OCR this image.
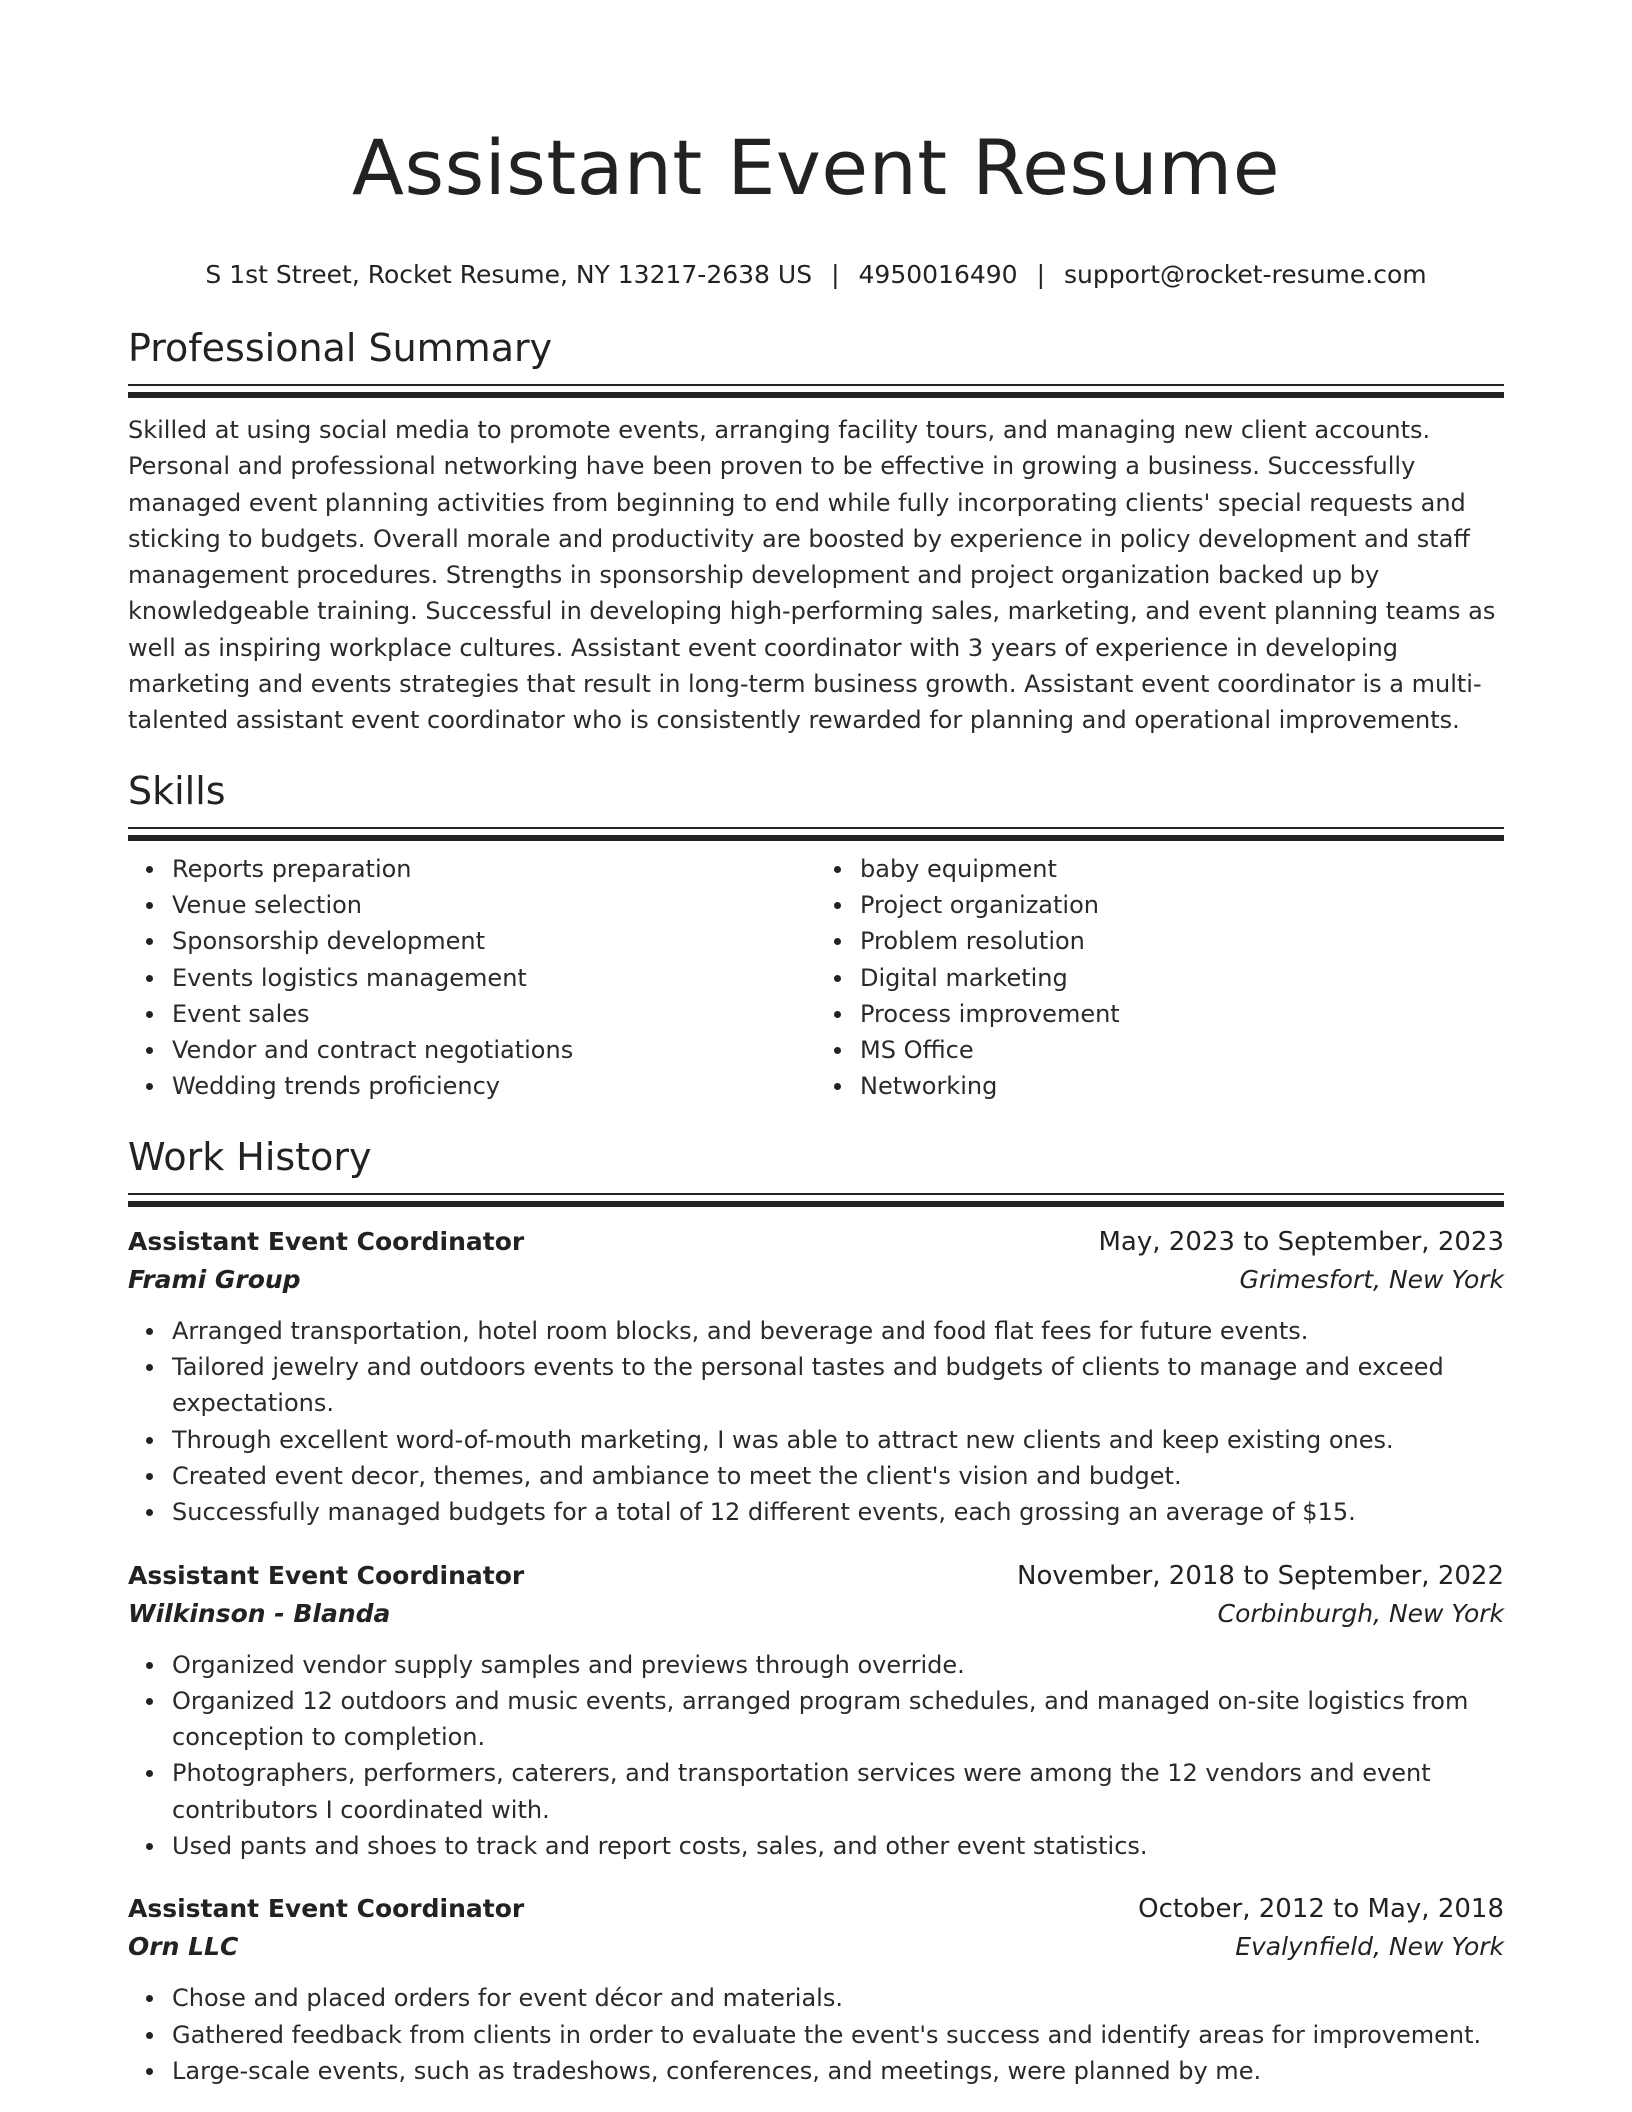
Assistant Event Resume
S 1st Street, Rocket Resume, NY 13217-2638 US | 4950016490 | support@rocket-resume.com
Professional Summary
Skilled at using social media to promote events, arranging facility tours, and managing new client accounts. Personal and professional networking have been proven to be effective in growing a business. Successfully managed event planning activities from beginning to end while fully incorporating clients' special requests and sticking to budgets. Overall morale and productivity are boosted by experience in policy development and staff management procedures. Strengths in sponsorship development and project organization backed up by knowledgeable training. Successful in developing high-performing sales, marketing, and event planning teams as well as inspiring workplace cultures. Assistant event coordinator with 3 years of experience in developing marketing and events strategies that result in long-term business growth. Assistant event coordinator is a multi-talented assistant event coordinator who is consistently rewarded for planning and operational improvements.
Skills
Reports preparation
Venue selection
Sponsorship development
Events logistics management
Event sales
Vendor and contract negotiations
Wedding trends proficiency
baby equipment
Project organization
Problem resolution
Digital marketing
Process improvement
MS Office
Networking
Work History
Assistant Event Coordinator	May, 2023 to September, 2023
Frami Group	Grimesfort, New York
Arranged transportation, hotel room blocks, and beverage and food flat fees for future events.
Tailored jewelry and outdoors events to the personal tastes and budgets of clients to manage and exceed expectations.
Through excellent word-of-mouth marketing, I was able to attract new clients and keep existing ones.
Created event decor, themes, and ambiance to meet the client's vision and budget.
Successfully managed budgets for a total of 12 different events, each grossing an average of $15.
Assistant Event Coordinator	November, 2018 to September, 2022
Wilkinson - Blanda	Corbinburgh, New York
Organized vendor supply samples and previews through override.
Organized 12 outdoors and music events, arranged program schedules, and managed on-site logistics from conception to completion.
Photographers, performers, caterers, and transportation services were among the 12 vendors and event contributors I coordinated with.
Used pants and shoes to track and report costs, sales, and other event statistics.
Assistant Event Coordinator	October, 2012 to May, 2018
Orn LLC	Evalynfield, New York
Chose and placed orders for event décor and materials.
Gathered feedback from clients in order to evaluate the event's success and identify areas for improvement.
Large-scale events, such as tradeshows, conferences, and meetings, were planned by me.
